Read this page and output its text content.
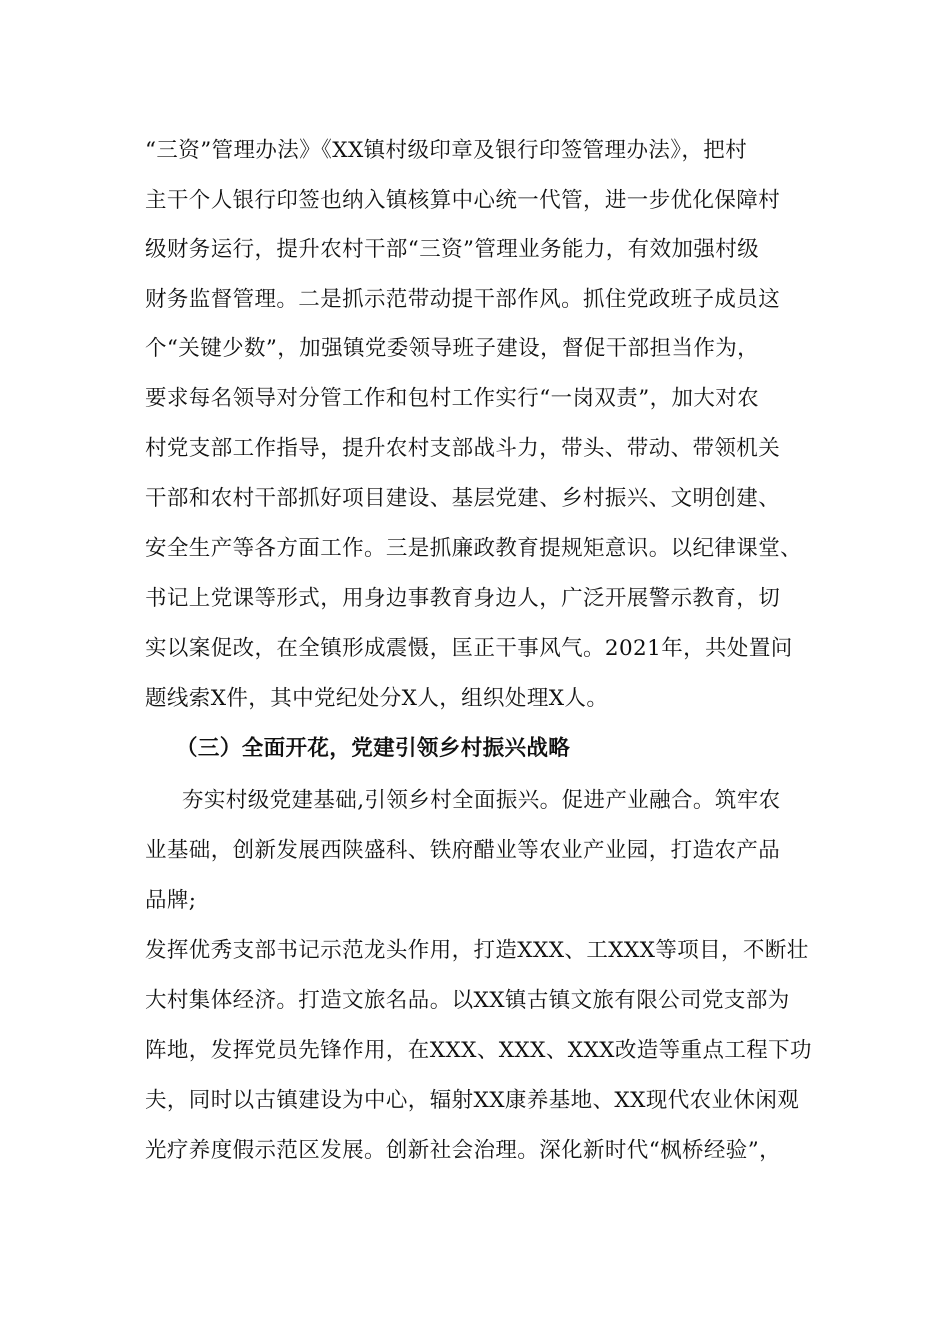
“三资”管理办法》《XX镇村级印章及银行印签管理办法》，把村
主干个人银行印签也纳入镇核算中心统一代管，进一步优化保障村
级财务运行，提升农村干部“三资”管理业务能力，有效加强村级
财务监督管理。二是抓示范带动提干部作风。抓住党政班子成员这
个“关键少数”，加强镇党委领导班子建设，督促干部担当作为，
要求每名领导对分管工作和包村工作实行“一岗双责”，加大对农
村党支部工作指导，提升农村支部战斗力，带头、带动、带领机关
干部和农村干部抓好项目建设、基层党建、乡村振兴、文明创建、
安全生产等各方面工作。三是抓廉政教育提规矩意识。以纪律课堂、
书记上党课等形式，用身边事教育身边人，广泛开展警示教育，切
实以案促改，在全镇形成震慑，匡正干事风气。2021年，共处置问
题线索X件，其中党纪处分X人，组织处理X人。
（三）全面开花，党建引领乡村振兴战略
夯实村级党建基础,引领乡村全面振兴。促进产业融合。筑牢农
业基础，创新发展西陕盛科、铁府醋业等农业产业园，打造农产品
品牌;
发挥优秀支部书记示范龙头作用，打造XXX、工XXX等项目，不断壮
大村集体经济。打造文旅名品。以XX镇古镇文旅有限公司党支部为
阵地，发挥党员先锋作用，在XXX、XXX、XXX改造等重点工程下功
夫，同时以古镇建设为中心，辐射XX康养基地、XX现代农业休闲观
光疗养度假示范区发展。创新社会治理。深化新时代“枫桥经验”，
